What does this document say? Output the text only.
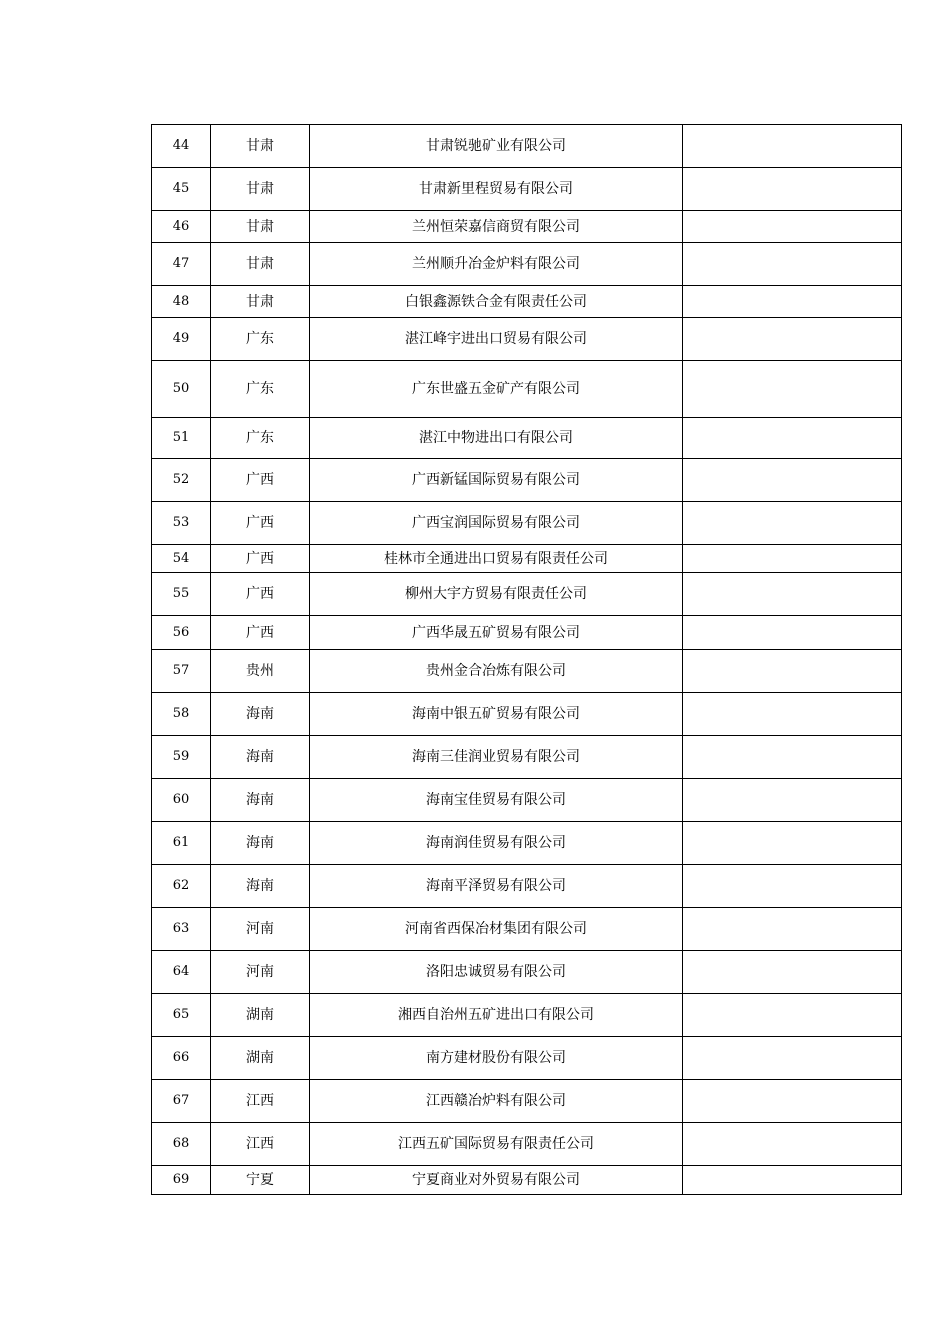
44	甘肃	甘肃锐驰矿业有限公司	
45	甘肃	甘肃新里程贸易有限公司	
46	甘肃	兰州恒荣嘉信商贸有限公司	
47	甘肃	兰州顺升冶金炉料有限公司	
48	甘肃	白银鑫源铁合金有限责任公司	
49	广东	湛江峰宇进出口贸易有限公司	
50	广东	广东世盛五金矿产有限公司	
51	广东	湛江中物进出口有限公司	
52	广西	广西新锰国际贸易有限公司	
53	广西	广西宝润国际贸易有限公司	
54	广西	桂林市全通进出口贸易有限责任公司	
55	广西	柳州大宇方贸易有限责任公司	
56	广西	广西华晟五矿贸易有限公司	
57	贵州	贵州金合冶炼有限公司	
58	海南	海南中银五矿贸易有限公司	
59	海南	海南三佳润业贸易有限公司	
60	海南	海南宝佳贸易有限公司	
61	海南	海南润佳贸易有限公司	
62	海南	海南平泽贸易有限公司	
63	河南	河南省西保冶材集团有限公司	
64	河南	洛阳忠诚贸易有限公司	
65	湖南	湘西自治州五矿进出口有限公司	
66	湖南	南方建材股份有限公司	
67	江西	江西赣冶炉料有限公司	
68	江西	江西五矿国际贸易有限责任公司	
69	宁夏	宁夏商业对外贸易有限公司	
